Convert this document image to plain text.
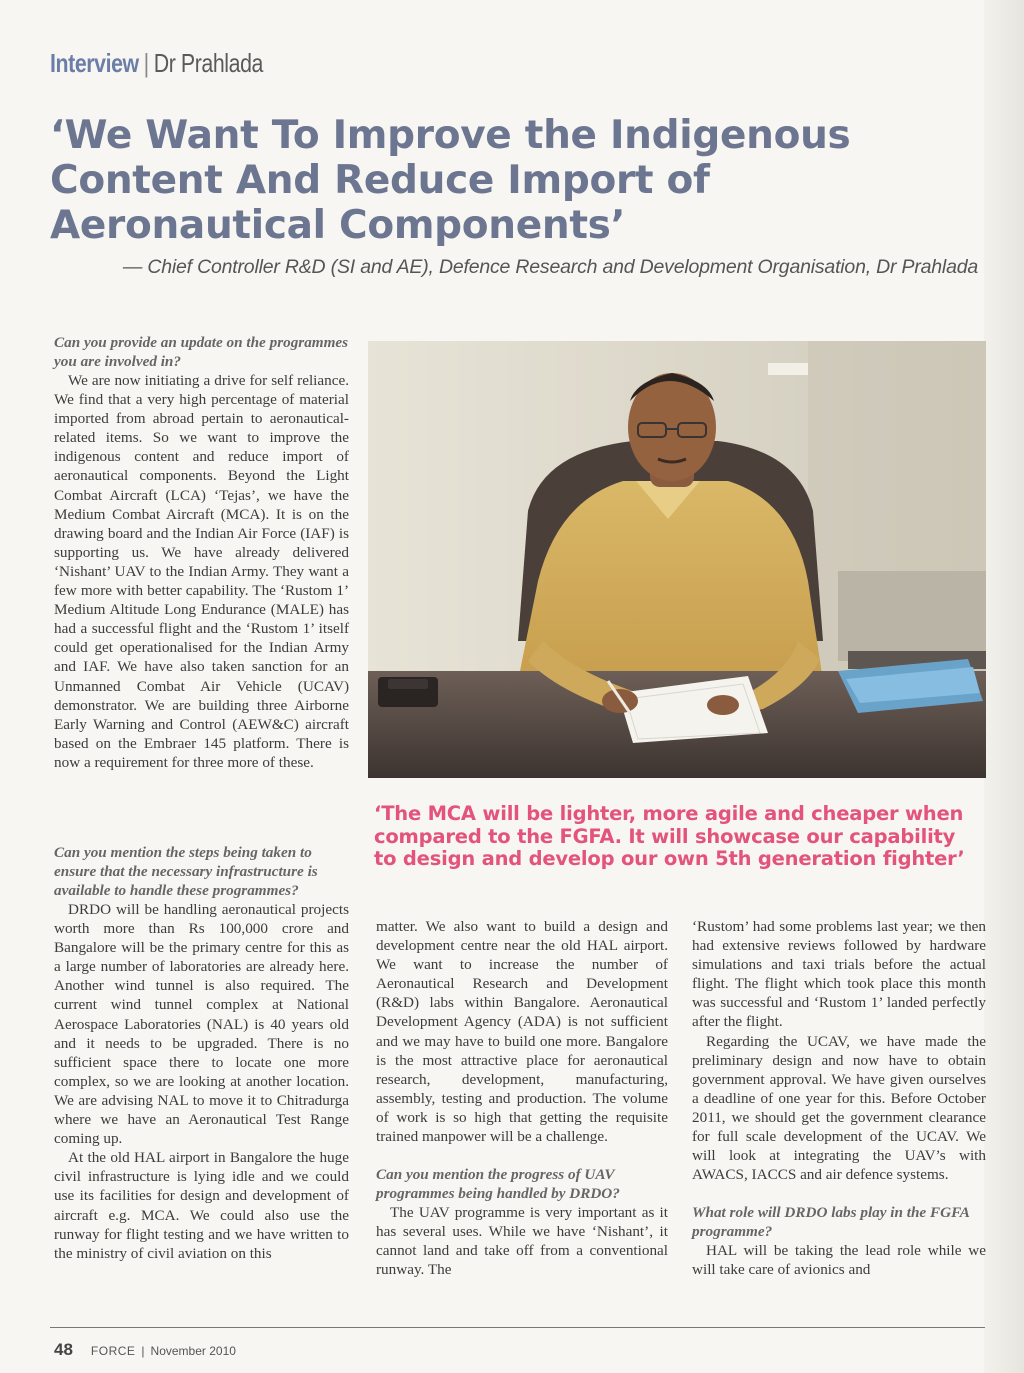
Interview | Dr Prahlada
‘We Want To Improve the Indigenous Content And Reduce Import of Aeronautical Components’
— Chief Controller R&D (SI and AE), Defence Research and Development Organisation, Dr Prahlada

Can you provide an update on the programmes you are involved in?

We are now initiating a drive for self reliance. We find that a very high percentage of material imported from abroad pertain to aeronautical-related items. So we want to improve the indigenous content and reduce import of aeronautical components. Beyond the Light Combat Aircraft (LCA) ‘Tejas’, we have the Medium Combat Aircraft (MCA). It is on the drawing board and the Indian Air Force (IAF) is supporting us. We have already delivered ‘Nishant’ UAV to the Indian Army. They want a few more with better capability. The ‘Rustom 1’ Medium Altitude Long Endurance (MALE) has had a successful flight and the ‘Rustom 1’ itself could get operationalised for the Indian Army and IAF. We have also taken sanction for an Unmanned Combat Air Vehicle (UCAV) demonstrator. We are building three Airborne Early Warning and Control (AEW&C) aircraft based on the Embraer 145 platform. There is now a requirement for three more of these.

Can you mention the steps being taken to ensure that the necessary infrastructure is available to handle these programmes?

DRDO will be handling aeronautical projects worth more than Rs 100,000 crore and Bangalore will be the primary centre for this as a large number of laboratories are already here. Another wind tunnel is also required. The current wind tunnel complex at National Aerospace Laboratories (NAL) is 40 years old and it needs to be upgraded. There is no sufficient space there to locate one more complex, so we are looking at another location. We are advising NAL to move it to Chitradurga where we have an Aeronautical Test Range coming up.

At the old HAL airport in Bangalore the huge civil infrastructure is lying idle and we could use its facilities for design and development of aircraft e.g. MCA. We could also use the runway for flight testing and we have written to the ministry of civil aviation on this

‘The MCA will be lighter, more agile and cheaper when compared to the FGFA. It will showcase our capability to design and develop our own 5th generation fighter’

matter. We also want to build a design and development centre near the old HAL airport. We want to increase the number of Aeronautical Research and Development (R&D) labs within Bangalore. Aeronautical Development Agency (ADA) is not sufficient and we may have to build one more. Bangalore is the most attractive place for aeronautical research, development, manufacturing, assembly, testing and production. The volume of work is so high that getting the requisite trained manpower will be a challenge.

Can you mention the progress of UAV programmes being handled by DRDO?

The UAV programme is very important as it has several uses. While we have ‘Nishant’, it cannot land and take off from a conventional runway. The

‘Rustom’ had some problems last year; we then had extensive reviews followed by hardware simulations and taxi trials before the actual flight. The flight which took place this month was successful and ‘Rustom 1’ landed perfectly after the flight.

Regarding the UCAV, we have made the preliminary design and now have to obtain government approval. We have given ourselves a deadline of one year for this. Before October 2011, we should get the government clearance for full scale development of the UCAV. We will look at integrating the UAV’s with AWACS, IACCS and air defence systems.

What role will DRDO labs play in the FGFA programme?

HAL will be taking the lead role while we will take care of avionics and

48 FORCE | November 2010
